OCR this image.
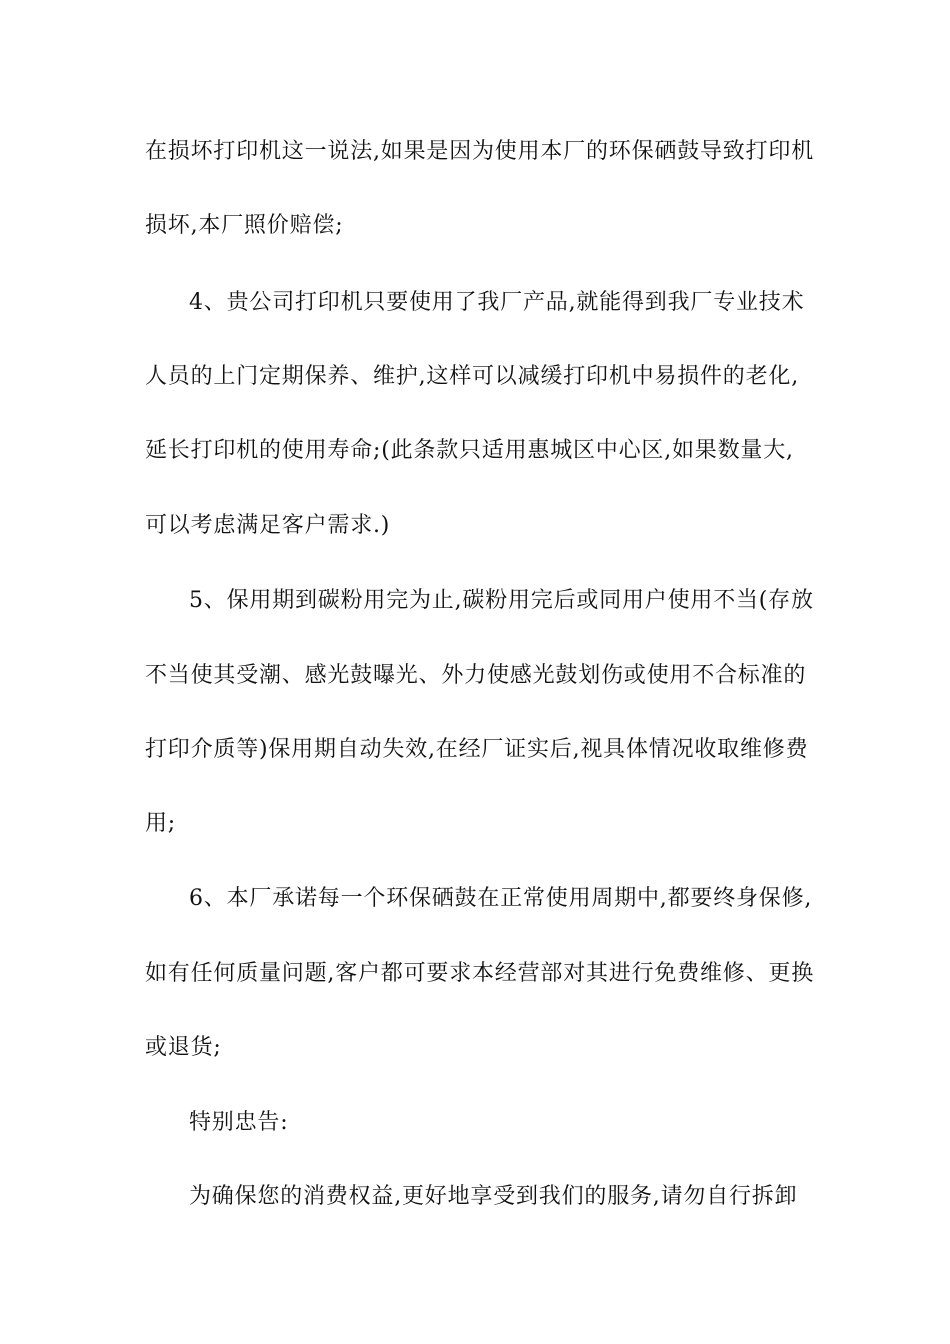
在损坏打印机这一说法,如果是因为使用本厂的环保硒鼓导致打印机
损坏,本厂照价赔偿;
4、贵公司打印机只要使用了我厂产品,就能得到我厂专业技术
人员的上门定期保养、维护,这样可以减缓打印机中易损件的老化,
延长打印机的使用寿命;(此条款只适用惠城区中心区,如果数量大,
可以考虑满足客户需求.)
5、保用期到碳粉用完为止,碳粉用完后或同用户使用不当(存放
不当使其受潮、感光鼓曝光、外力使感光鼓划伤或使用不合标准的
打印介质等)保用期自动失效,在经厂证实后,视具体情况收取维修费
用;
6、本厂承诺每一个环保硒鼓在正常使用周期中,都要终身保修,
如有任何质量问题,客户都可要求本经营部对其进行免费维修、更换
或退货;
特别忠告:
为确保您的消费权益,更好地享受到我们的服务,请勿自行拆卸
